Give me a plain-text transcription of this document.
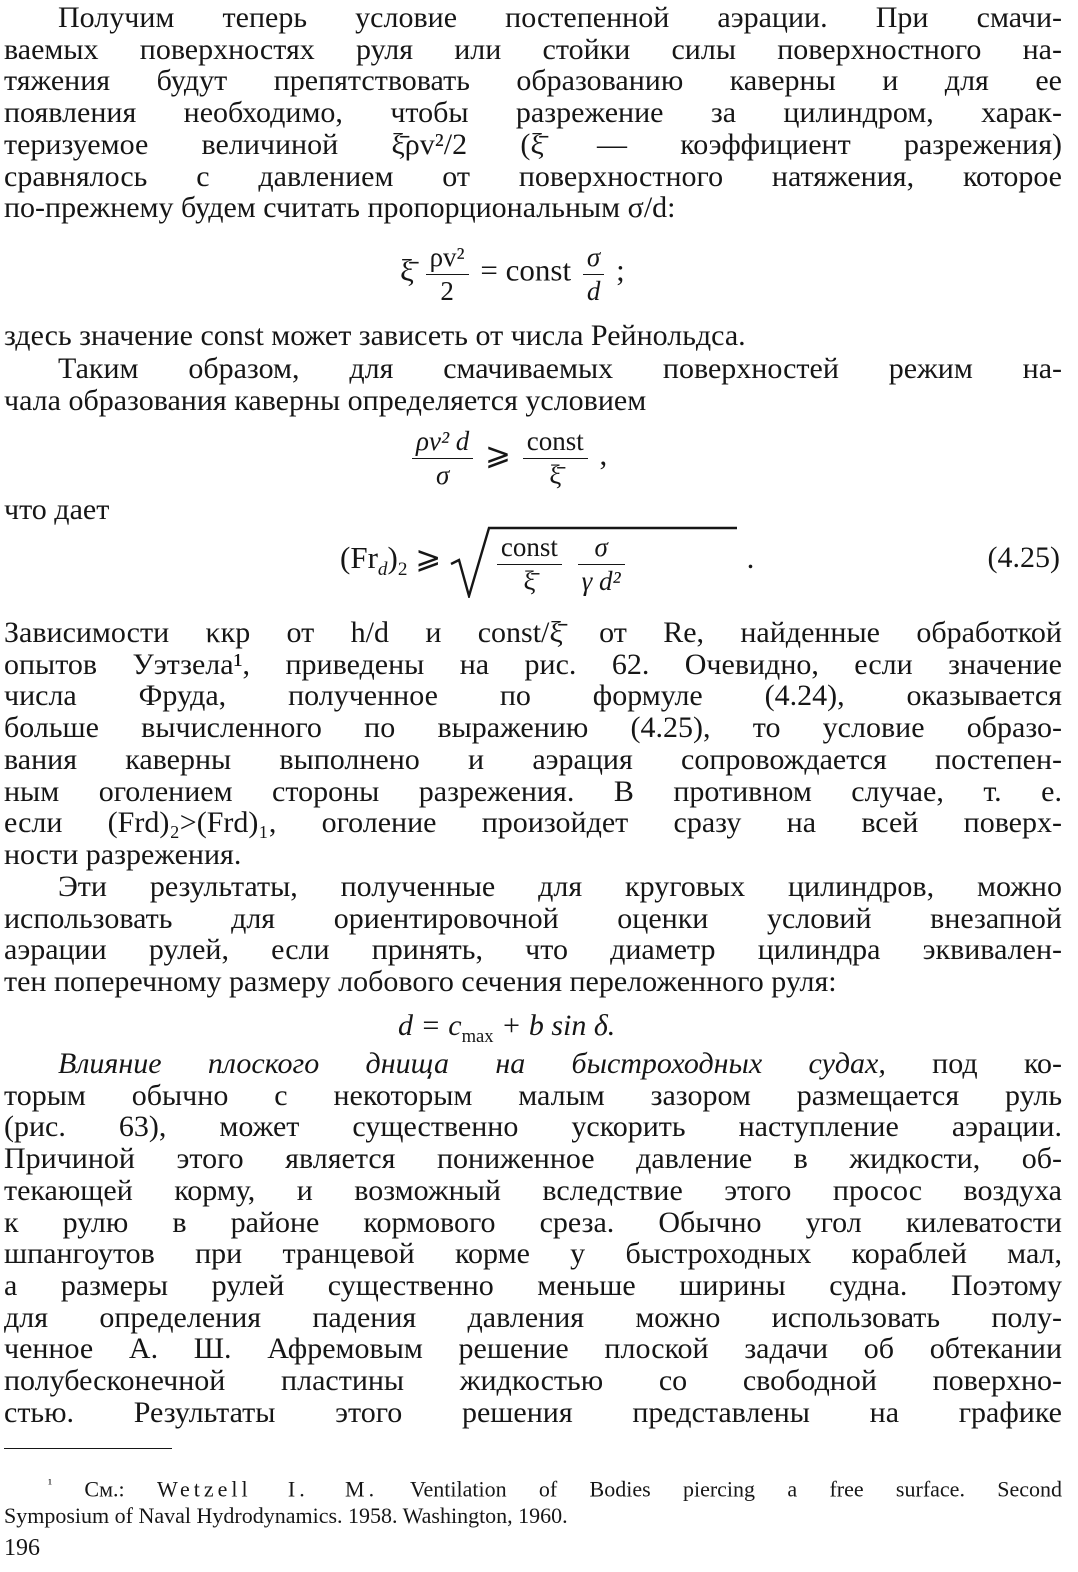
Получим теперь условие постепенной аэрации. При смачи-
ваемых поверхностях руля или стойки силы поверхностного на-
тяжения будут препятствовать образованию каверны и для ее
появления необходимо, чтобы разрежение за цилиндром, харак-
теризуемое величиной ξ̄ρv²/2 (ξ̄ — коэффициент разрежения)
сравнялось с давлением от поверхностного натяжения, которое
по-прежнему будем считать пропорциональным σ/d:
ξ̄ $\frac{\text{ρv²}}{2}$ = const $\frac{\sigma}{d}$ ;
здесь значение const может зависеть от числа Рейнольдса.
Таким образом, для смачиваемых поверхностей режим на-
чала образования каверны определяется условием
$\frac{\text{ρv² d}}{\sigma}$ ⩾ $\frac{\text{const}}{\xī}$ ,
что дает
$(Fr_d)_2$ ⩾ $\frac{\text{const}}{\xī}$
$\frac{\sigma}{\text{γ d²}}$	.	(4.25)
Зависимости κкр от h/d и const/ξ̄ от Re, найденные обработкой
опытов Уэтзела¹, приведены на рис. 62. Очевидно, если значение
числа Фруда, полученное по формуле (4.24), оказывается
больше вычисленного по выражению (4.25), то условие образо-
вания каверны выполнено и аэрация сопровождается постепен-
ным оголением стороны разрежения. В противном случае, т. е.
если (Frd)₂>(Frd)₁, оголение произойдет сразу на всей поверх-
ности разрежения.
Эти результаты, полученные для круговых цилиндров, можно
использовать для ориентировочной оценки условий внезапной
аэрации рулей, если принять, что диаметр цилиндра эквивален-
тен поперечному размеру лобового сечения переложенного руля:
$d = c_{max} + b$ sin δ.
Влияние плоского днища на быстроходных судах, под ко-
торым обычно с некоторым малым зазором размещается руль
(рис. 63), может существенно ускорить наступление аэрации.
Причиной этого является пониженное давление в жидкости, об-
текающей корму, и возможный вследствие этого просос воздуха
к рулю в районе кормового среза. Обычно угол килеватости
шпангоутов при транцевой корме у быстроходных кораблей мал,
а размеры рулей существенно меньше ширины судна. Поэтому
для определения падения давления можно использовать полу-
ченное А. Ш. Афремовым решение плоской задачи об обтекании
полубесконечной пластины жидкостью со свободной поверхно-
стью. Результаты этого решения представлены на графике
$^{^1}$ См.: Wetzell I. M. Ventilation of Bodies piercing a free surface. Second
Symposium of Naval Hydrodynamics. 1958. Washington, 1960.
196
